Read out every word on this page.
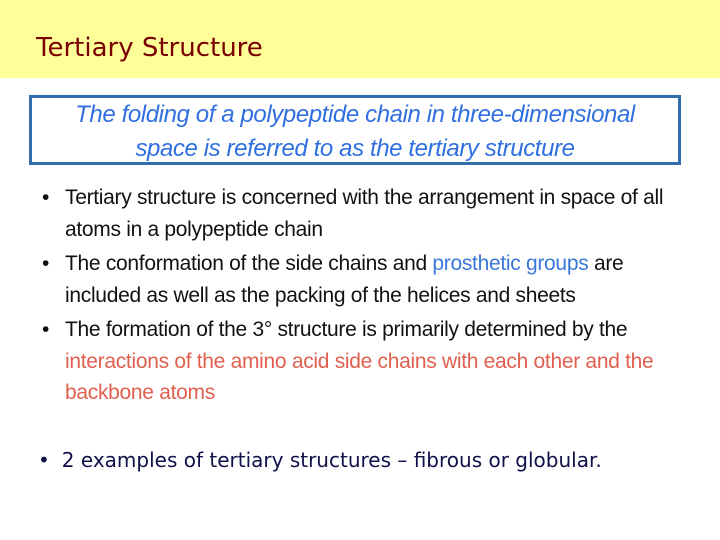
Tertiary Structure
The folding of a polypeptide chain in three-dimensional
space is referred to as the tertiary structure
• Tertiary structure is concerned with the arrangement in space of all atoms in a polypeptide chain
• The conformation of the side chains and prosthetic groups are included as well as the packing of the helices and sheets
• The formation of the 3° structure is primarily determined by the interactions of the amino acid side chains with each other and the backbone atoms
• 2 examples of tertiary structures – fibrous or globular.
